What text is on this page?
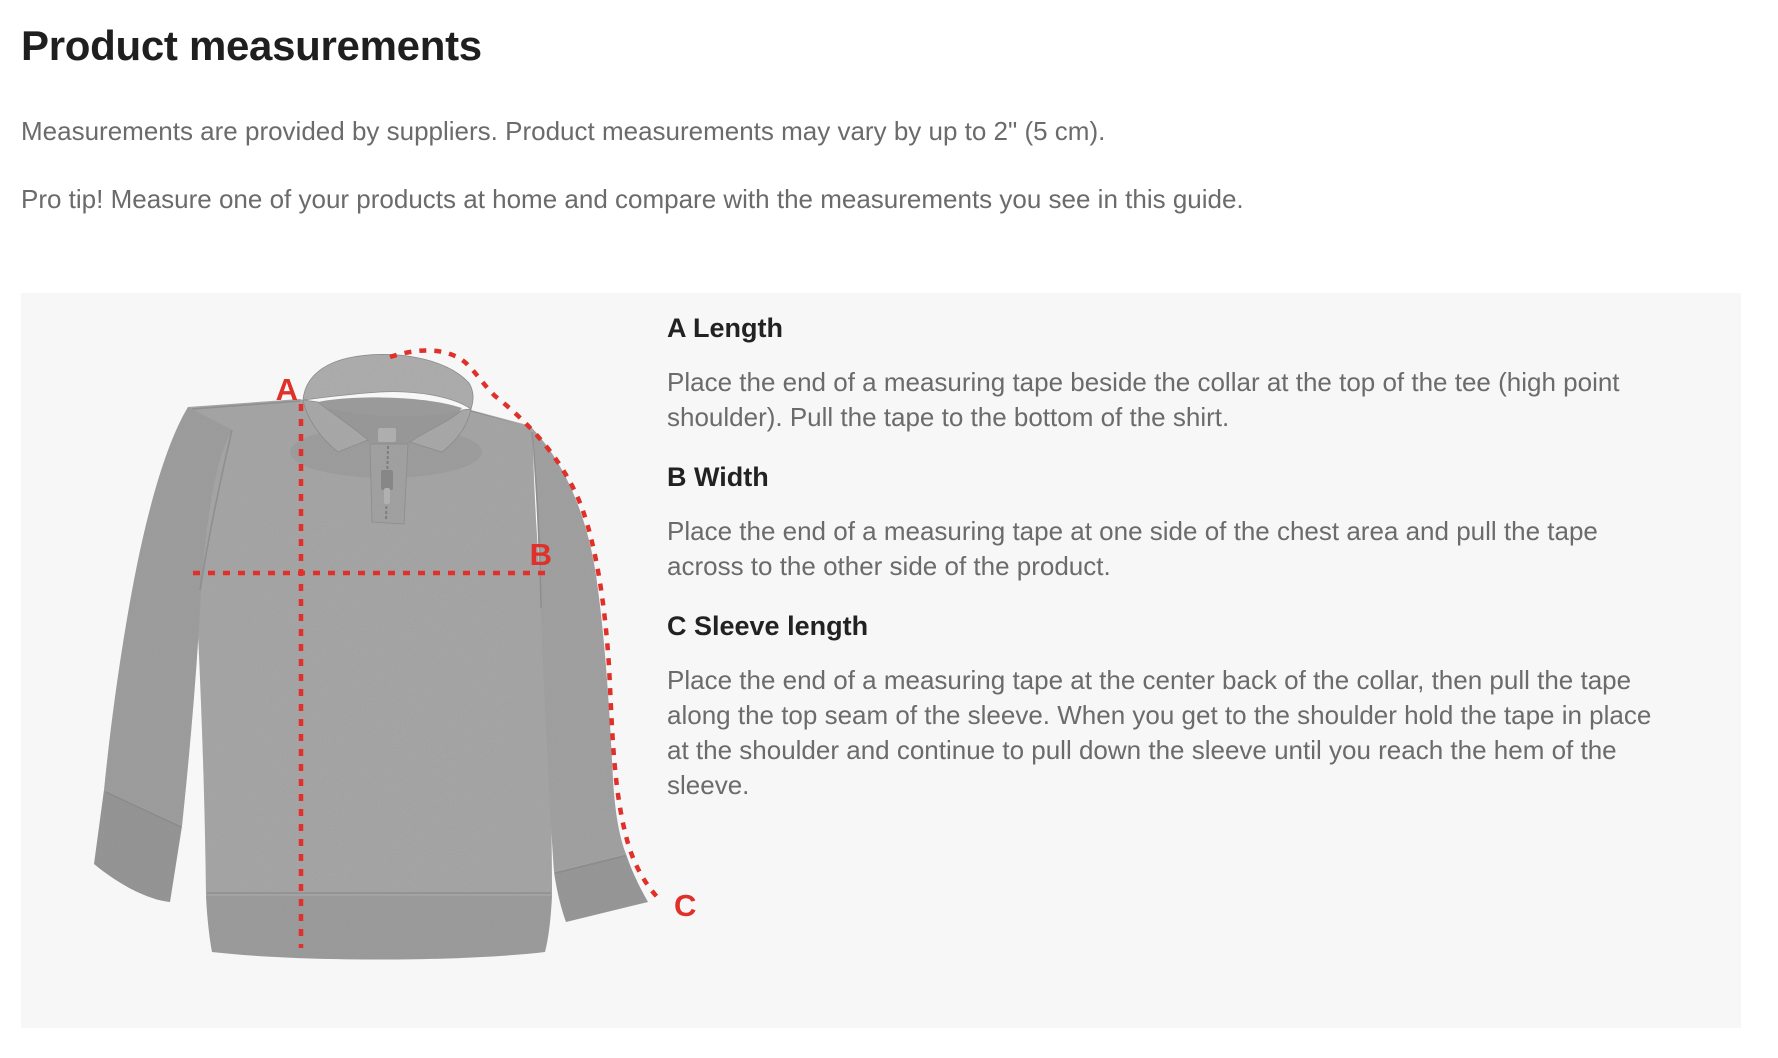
Product measurements

Measurements are provided by suppliers. Product measurements may vary by up to 2" (5 cm).

Pro tip! Measure one of your products at home and compare with the measurements you see in this guide.

A
B
C
A Length

Place the end of a measuring tape beside the collar at the top of the tee (high point shoulder). Pull the tape to the bottom of the shirt.

B Width

Place the end of a measuring tape at one side of the chest area and pull the tape across to the other side of the product.

C Sleeve length

Place the end of a measuring tape at the center back of the collar, then pull the tape along the top seam of the sleeve. When you get to the shoulder hold the tape in place at the shoulder and continue to pull down the sleeve until you reach the hem of the sleeve.
